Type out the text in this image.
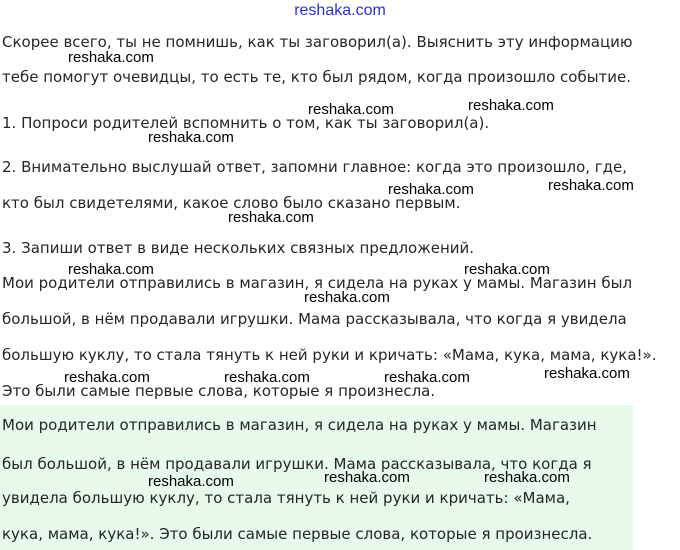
reshaka.com
Скорее всего, ты не помнишь, как ты заговорил(а). Выяснить эту информацию
тебе помогут очевидцы, то есть те, кто был рядом, когда произошло событие.
1. Попроси родителей вспомнить о том, как ты заговорил(а).
2. Внимательно выслушай ответ, запомни главное: когда это произошло, где,
кто был свидетелями, какое слово было сказано первым.
3. Запиши ответ в виде нескольких связных предложений.
Мои родители отправились в магазин, я сидела на руках у мамы. Магазин был
большой, в нём продавали игрушки. Мама рассказывала, что когда я увидела
большую куклу, то стала тянуть к ней руки и кричать: «Мама, кука, мама, кука!».
Это были самые первые слова, которые я произнесла.
Мои родители отправились в магазин, я сидела на руках у мамы. Магазин
был большой, в нём продавали игрушки. Мама рассказывала, что когда я
увидела большую куклу, то стала тянуть к ней руки и кричать: «Мама,
кука, мама, кука!». Это были самые первые слова, которые я произнесла.
reshaka.com
reshaka.com	reshaka.com
reshaka.com
reshaka.com	reshaka.com
reshaka.com
reshaka.com	reshaka.com
reshaka.com
reshaka.com	reshaka.com	reshaka.com	reshaka.com
reshaka.com	reshaka.com	reshaka.com
